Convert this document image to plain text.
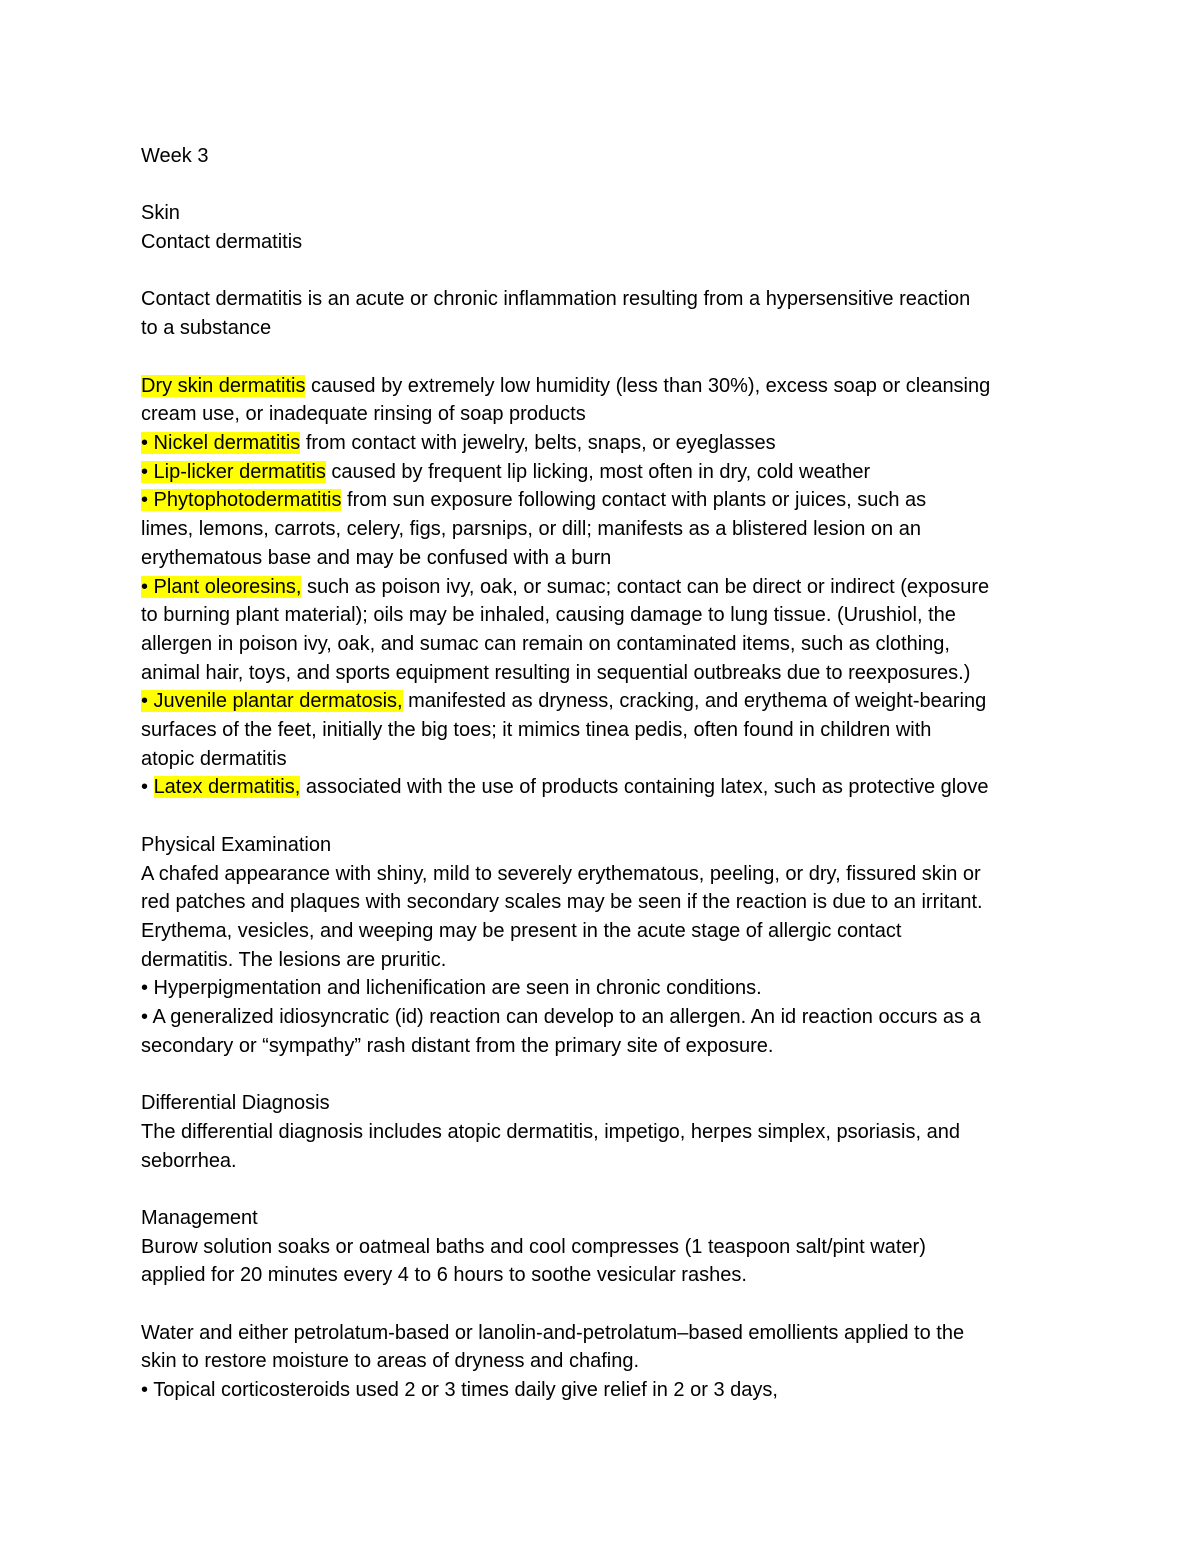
Week 3

Skin

Contact dermatitis

Contact dermatitis is an acute or chronic inflammation resulting from a hypersensitive reaction

to a substance

Dry skin dermatitis caused by extremely low humidity (less than 30%), excess soap or cleansing

cream use, or inadequate rinsing of soap products

• Nickel dermatitis from contact with jewelry, belts, snaps, or eyeglasses

• Lip-licker dermatitis caused by frequent lip licking, most often in dry, cold weather

• Phytophotodermatitis from sun exposure following contact with plants or juices, such as

limes, lemons, carrots, celery, figs, parsnips, or dill; manifests as a blistered lesion on an

erythematous base and may be confused with a burn

• Plant oleoresins, such as poison ivy, oak, or sumac; contact can be direct or indirect (exposure

to burning plant material); oils may be inhaled, causing damage to lung tissue. (Urushiol, the

allergen in poison ivy, oak, and sumac can remain on contaminated items, such as clothing,

animal hair, toys, and sports equipment resulting in sequential outbreaks due to reexposures.)

• Juvenile plantar dermatosis, manifested as dryness, cracking, and erythema of weight-bearing

surfaces of the feet, initially the big toes; it mimics tinea pedis, often found in children with

atopic dermatitis

• Latex dermatitis, associated with the use of products containing latex, such as protective glove

Physical Examination

A chafed appearance with shiny, mild to severely erythematous, peeling, or dry, fissured skin or

red patches and plaques with secondary scales may be seen if the reaction is due to an irritant.

Erythema, vesicles, and weeping may be present in the acute stage of allergic contact

dermatitis. The lesions are pruritic.

• Hyperpigmentation and lichenification are seen in chronic conditions.

• A generalized idiosyncratic (id) reaction can develop to an allergen. An id reaction occurs as a

secondary or “sympathy” rash distant from the primary site of exposure.

Differential Diagnosis

The differential diagnosis includes atopic dermatitis, impetigo, herpes simplex, psoriasis, and

seborrhea.

Management

Burow solution soaks or oatmeal baths and cool compresses (1 teaspoon salt/pint water)

applied for 20 minutes every 4 to 6 hours to soothe vesicular rashes.

Water and either petrolatum-based or lanolin-and-petrolatum–based emollients applied to the

skin to restore moisture to areas of dryness and chafing.

• Topical corticosteroids used 2 or 3 times daily give relief in 2 or 3 days,
